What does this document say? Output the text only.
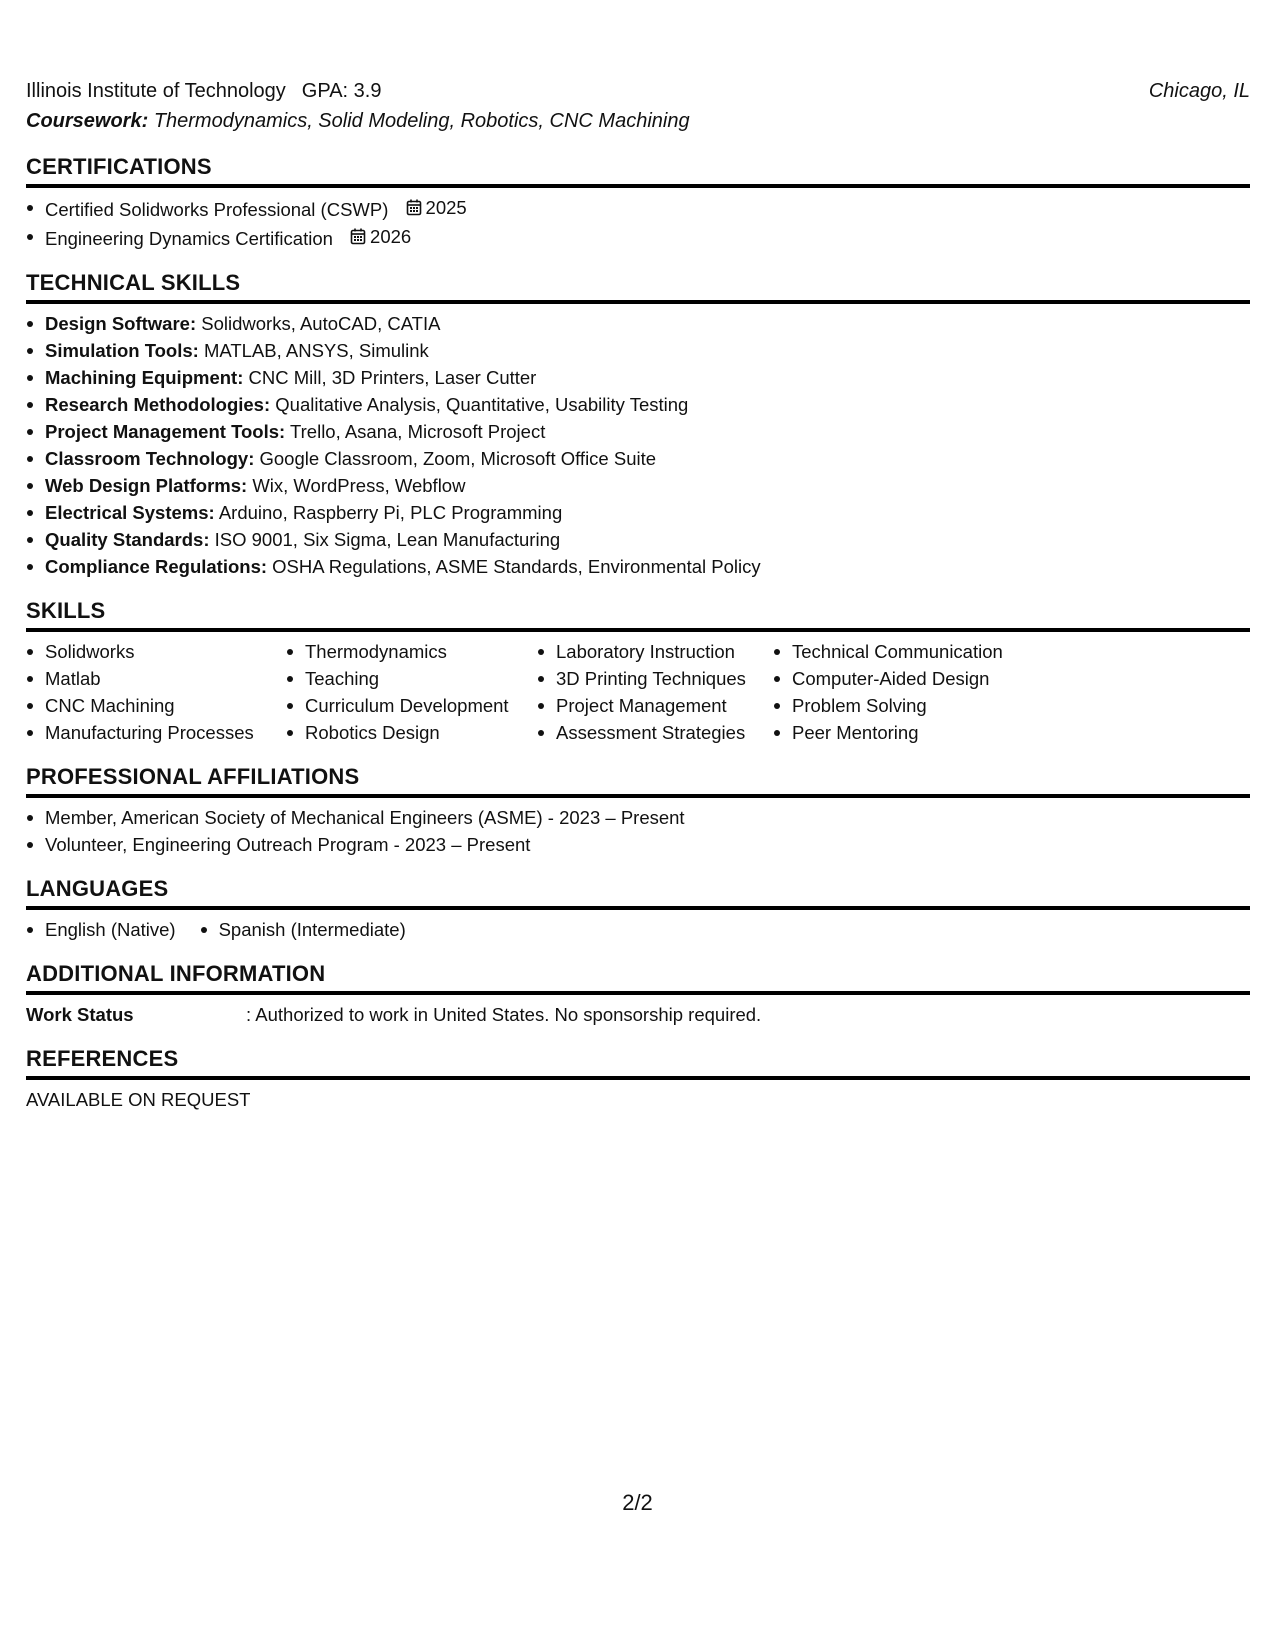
Illinois Institute of Technology GPA: 3.9	Chicago, IL
Coursework: Thermodynamics, Solid Modeling, Robotics, CNC Machining
CERTIFICATIONS
Certified Solidworks Professional (CSWP) 2025
Engineering Dynamics Certification 2026
TECHNICAL SKILLS
Design Software: Solidworks, AutoCAD, CATIA
Simulation Tools: MATLAB, ANSYS, Simulink
Machining Equipment: CNC Mill, 3D Printers, Laser Cutter
Research Methodologies: Qualitative Analysis, Quantitative, Usability Testing
Project Management Tools: Trello, Asana, Microsoft Project
Classroom Technology: Google Classroom, Zoom, Microsoft Office Suite
Web Design Platforms: Wix, WordPress, Webflow
Electrical Systems: Arduino, Raspberry Pi, PLC Programming
Quality Standards: ISO 9001, Six Sigma, Lean Manufacturing
Compliance Regulations: OSHA Regulations, ASME Standards, Environmental Policy
SKILLS
Solidworks
Matlab
CNC Machining
Manufacturing Processes
Thermodynamics
Teaching
Curriculum Development
Robotics Design
Laboratory Instruction
3D Printing Techniques
Project Management
Assessment Strategies
Technical Communication
Computer-Aided Design
Problem Solving
Peer Mentoring
PROFESSIONAL AFFILIATIONS
Member, American Society of Mechanical Engineers (ASME) - 2023 – Present
Volunteer, Engineering Outreach Program - 2023 – Present
LANGUAGES
English (Native)	Spanish (Intermediate)
ADDITIONAL INFORMATION
Work Status	: Authorized to work in United States. No sponsorship required.
REFERENCES
AVAILABLE ON REQUEST
2/2
